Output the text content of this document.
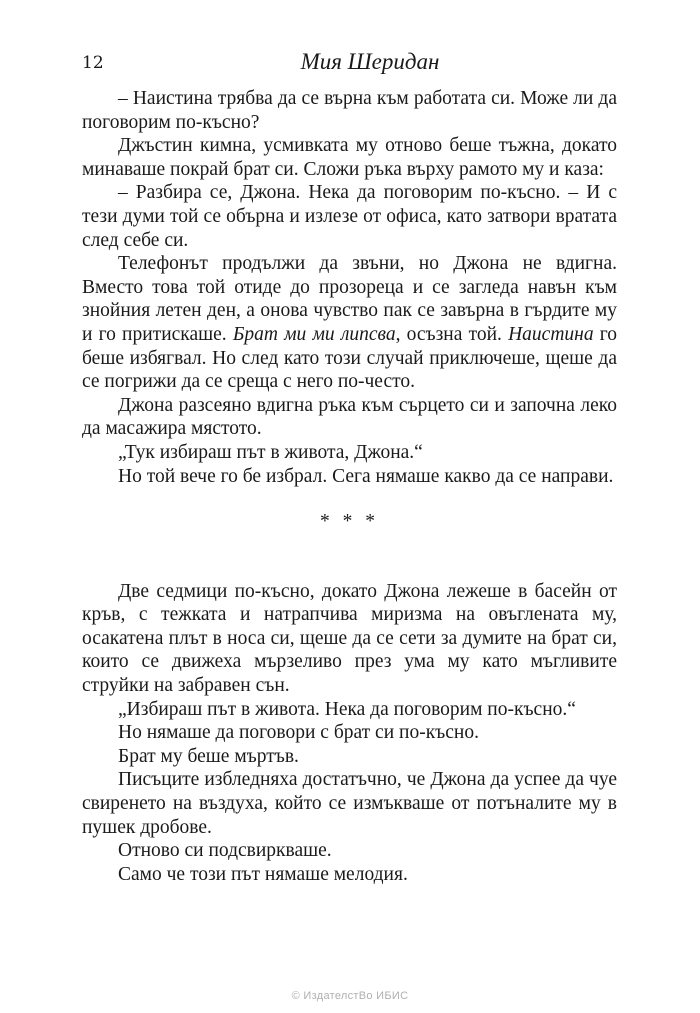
12	Мия Шеридан

– Наистина трябва да се върна към работата си. Може ли да поговорим по-късно?

Джъстин кимна, усмивката му отново беше тъжна, докато минаваше покрай брат си. Сложи ръка върху рамото му и каза:

– Разбира се, Джона. Нека да поговорим по-късно. – И с тези думи той се обърна и излезе от офиса, като затвори вратата след себе си.

Телефонът продължи да звъни, но Джона не вдигна. Вместо това той отиде до прозореца и се загледа навън към знойния летен ден, а онова чувство пак се завърна в гърдите му и го притискаше. Брат ми ми липсва, осъзна той. Наистина го беше избягвал. Но след като този случай приключеше, щеше да се погрижи да се среща с него по-често.

Джона разсеяно вдигна ръка към сърцето си и започна леко да масажира мястото.

„Тук избираш път в живота, Джона.“

Но той вече го бе избрал. Сега нямаше какво да се направи.

* * *

Две седмици по-късно, докато Джона лежеше в басейн от кръв, с тежката и натрапчива миризма на овъглената му, осакатена плът в носа си, щеше да се сети за думите на брат си, които се движеха мързеливо през ума му като мъгливите струйки на забравен сън.

„Избираш път в живота. Нека да поговорим по-късно.“

Но нямаше да поговори с брат си по-късно.

Брат му беше мъртъв.

Писъците избледняха достатъчно, че Джона да успее да чуе свиренето на въздуха, който се измъкваше от потъналите му в пушек дробове.

Отново си подсвиркваше.

Само че този път нямаше мелодия.

© ИздателстВо ИБИС
